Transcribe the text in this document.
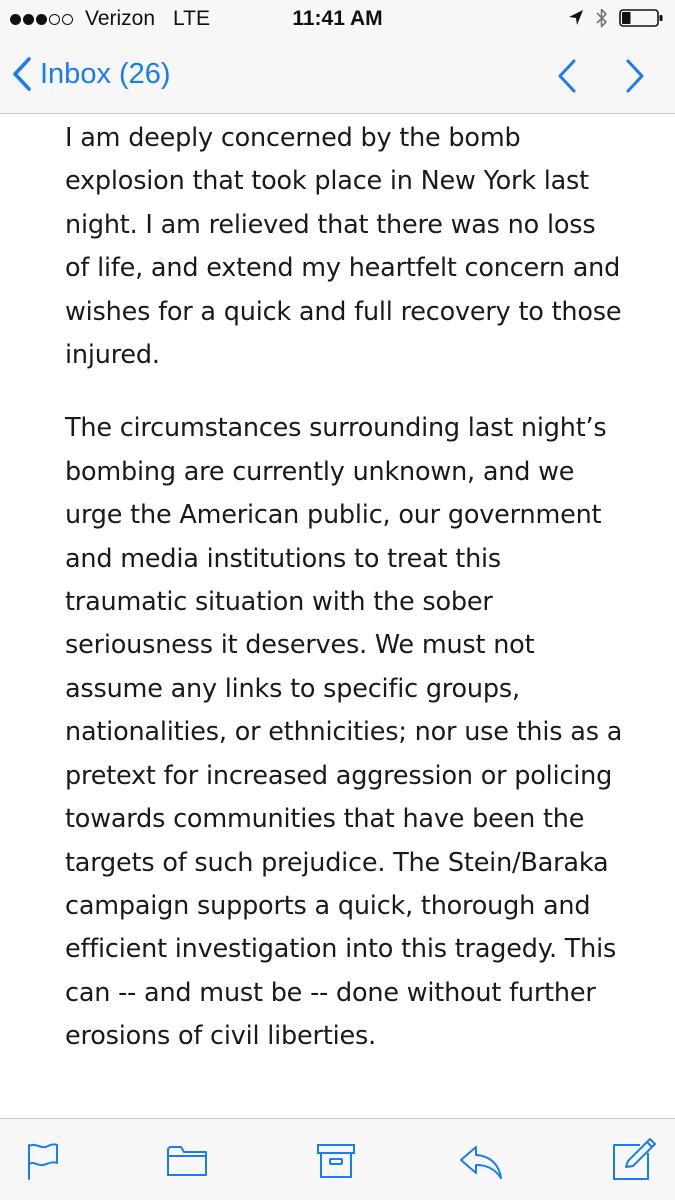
Verizon LTE	11:41 AM
Inbox (26)

I am deeply concerned by the bomb explosion that took place in New York last night. I am relieved that there was no loss of life, and extend my heartfelt concern and wishes for a quick and full recovery to those injured.

The circumstances surrounding last night’s bombing are currently unknown, and we urge the American public, our government and media institutions to treat this traumatic situation with the sober seriousness it deserves. We must not assume any links to specific groups, nationalities, or ethnicities; nor use this as a pretext for increased aggression or policing towards communities that have been the targets of such prejudice. The Stein/Baraka campaign supports a quick, thorough and efficient investigation into this tragedy. This can -- and must be -- done without further erosions of civil liberties.
